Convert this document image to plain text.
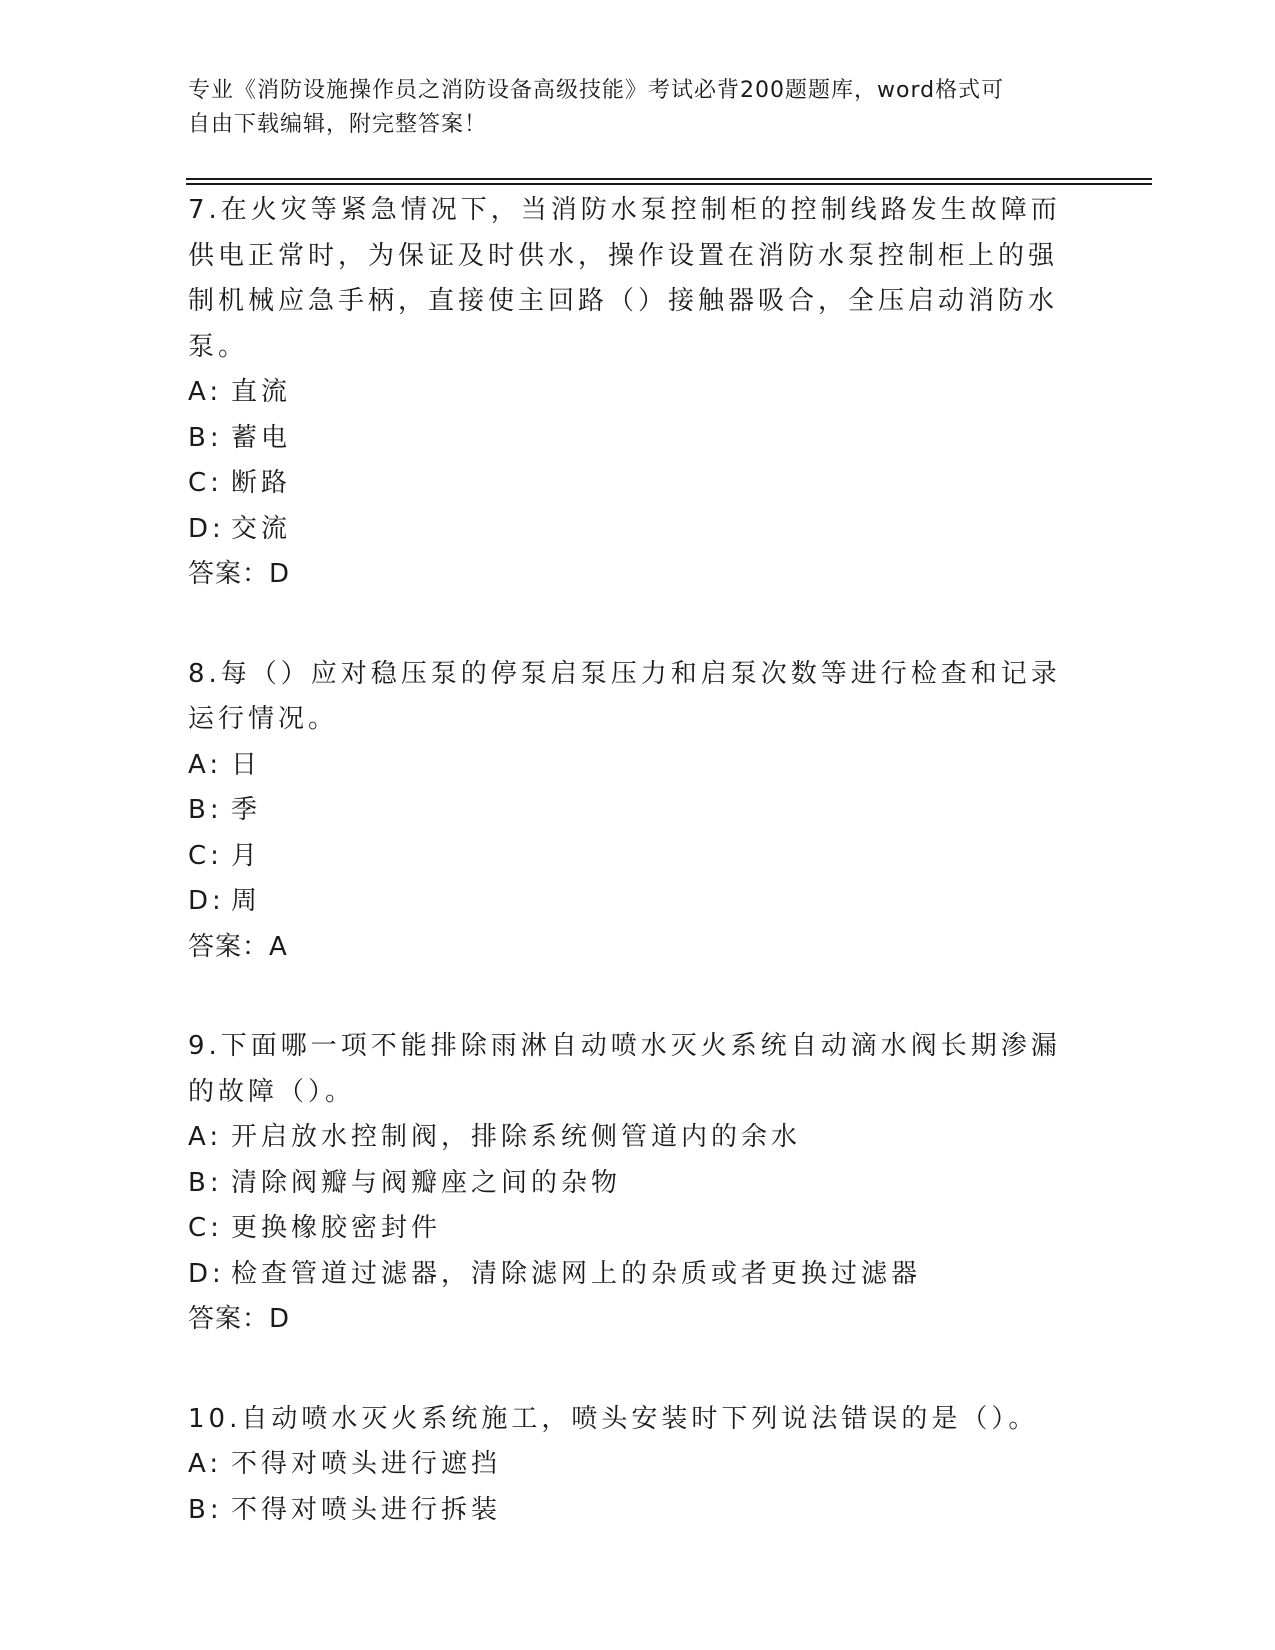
专业《消防设施操作员之消防设备高级技能》考试必背200题题库，word格式可
自由下载编辑，附完整答案！

7.在火灾等紧急情况下，当消防水泵控制柜的控制线路发生故障而供电正常时，为保证及时供水，操作设置在消防水泵控制柜上的强制机械应急手柄，直接使主回路（）接触器吸合，全压启动消防水泵。

A: 直流

B: 蓄电

C: 断路

D: 交流

答案：D

8.每（）应对稳压泵的停泵启泵压力和启泵次数等进行检查和记录运行情况。

A: 日

B: 季

C: 月

D: 周

答案：A

9.下面哪一项不能排除雨淋自动喷水灭火系统自动滴水阀长期渗漏的故障（）。

A: 开启放水控制阀，排除系统侧管道内的余水

B: 清除阀瓣与阀瓣座之间的杂物

C: 更换橡胶密封件

D: 检查管道过滤器，清除滤网上的杂质或者更换过滤器

答案：D

10.自动喷水灭火系统施工，喷头安装时下列说法错误的是（）。

A: 不得对喷头进行遮挡

B: 不得对喷头进行拆装
